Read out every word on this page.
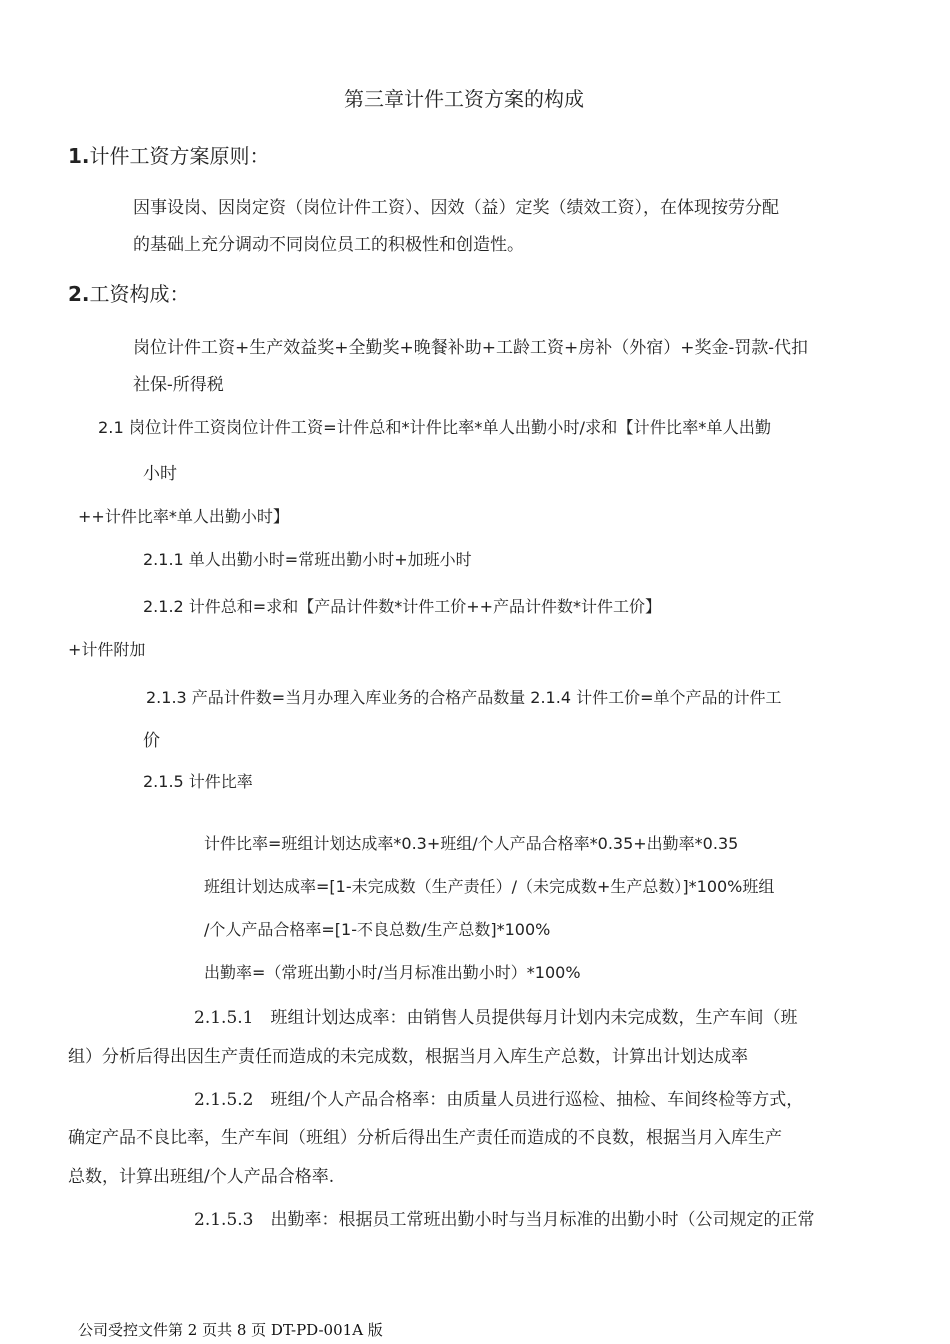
第三章计件工资方案的构成
1.计件工资方案原则：
因事设岗、因岗定资（岗位计件工资）、因效（益）定奖（绩效工资），在体现按劳分配
的基础上充分调动不同岗位员工的积极性和创造性。
2.工资构成：
岗位计件工资+生产效益奖+全勤奖+晚餐补助+工龄工资+房补（外宿）+奖金-罚款-代扣
社保-所得税
2.1 岗位计件工资岗位计件工资=计件总和*计件比率*单人出勤小时/求和【计件比率*单人出勤
小时
++计件比率*单人出勤小时】
2.1.1 单人出勤小时=常班出勤小时+加班小时
2.1.2 计件总和=求和【产品计件数*计件工价++产品计件数*计件工价】
+计件附加
2.1.3 产品计件数=当月办理入库业务的合格产品数量 2.1.4 计件工价=单个产品的计件工
价
2.1.5 计件比率
计件比率=班组计划达成率*0.3+班组/个人产品合格率*0.35+出勤率*0.35
班组计划达成率=[1-未完成数（生产责任）/（未完成数+生产总数）]*100%班组
/个人产品合格率=[1-不良总数/生产总数]*100%
出勤率=（常班出勤小时/当月标准出勤小时）*100%
2.1.5.1　班组计划达成率：由销售人员提供每月计划内未完成数，生产车间（班
组）分析后得出因生产责任而造成的未完成数，根据当月入库生产总数，计算出计划达成率
2.1.5.2　班组/个人产品合格率：由质量人员进行巡检、抽检、车间终检等方式，
确定产品不良比率，生产车间（班组）分析后得出生产责任而造成的不良数，根据当月入库生产
总数，计算出班组/个人产品合格率.
2.1.5.3　出勤率：根据员工常班出勤小时与当月标准的出勤小时（公司规定的正常
公司受控文件第 2 页共 8 页 DT-PD-001A 版
